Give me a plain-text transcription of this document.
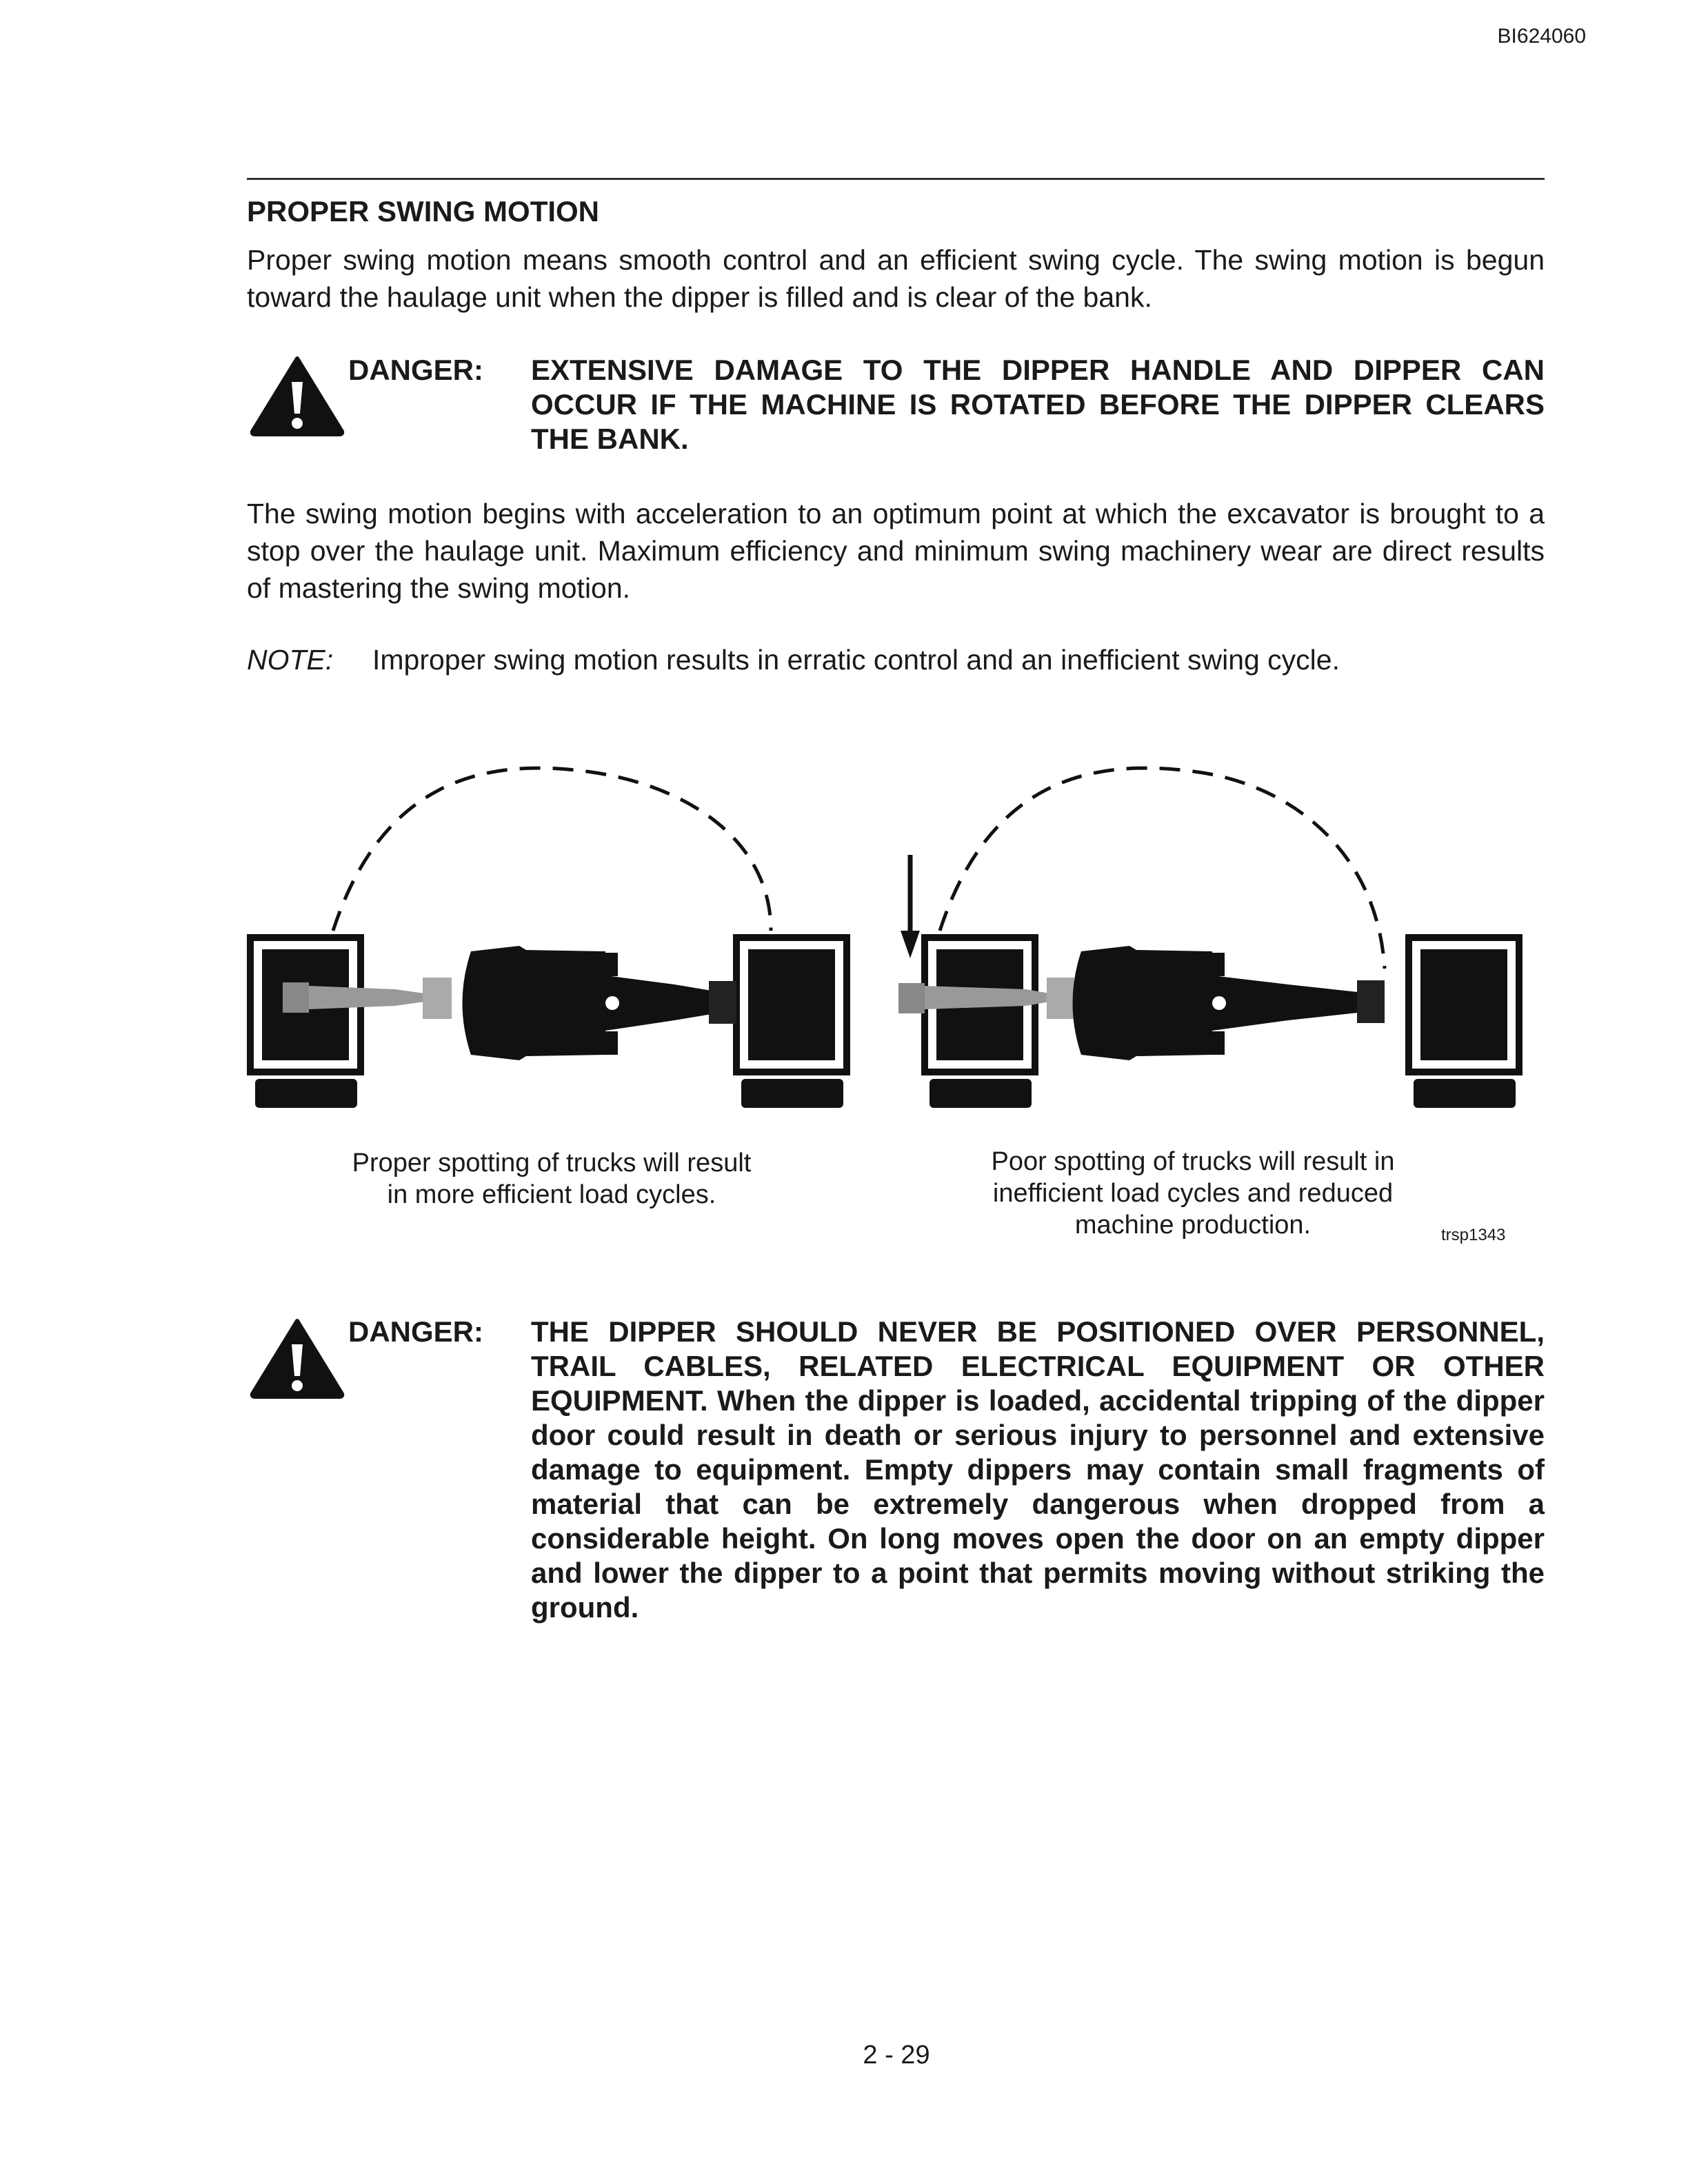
BI624060
PROPER SWING MOTION
Proper swing motion means smooth control and an efficient swing cycle. The swing motion is begun toward the haulage unit when the dipper is filled and is clear of the bank.
DANGER: EXTENSIVE DAMAGE TO THE DIPPER HANDLE AND DIPPER CAN OCCUR IF THE MACHINE IS ROTATED BEFORE THE DIPPER CLEARS THE BANK.
The swing motion begins with acceleration to an optimum point at which the excavator is brought to a stop over the haulage unit. Maximum efficiency and minimum swing machinery wear are direct results of mastering the swing motion.
NOTE: Improper swing motion results in erratic control and an inefficient swing cycle.
Proper spotting of trucks will result in more efficient load cycles.
Poor spotting of trucks will result in inefficient load cycles and reduced machine production.	trsp1343
DANGER: THE DIPPER SHOULD NEVER BE POSITIONED OVER PERSONNEL, TRAIL CABLES, RELATED ELECTRICAL EQUIPMENT OR OTHER EQUIPMENT. When the dipper is loaded, accidental tripping of the dipper door could result in death or serious injury to personnel and extensive damage to equipment. Empty dippers may contain small fragments of material that can be extremely dangerous when dropped from a considerable height. On long moves open the door on an empty dipper and lower the dipper to a point that permits moving without striking the ground.
2 - 29
